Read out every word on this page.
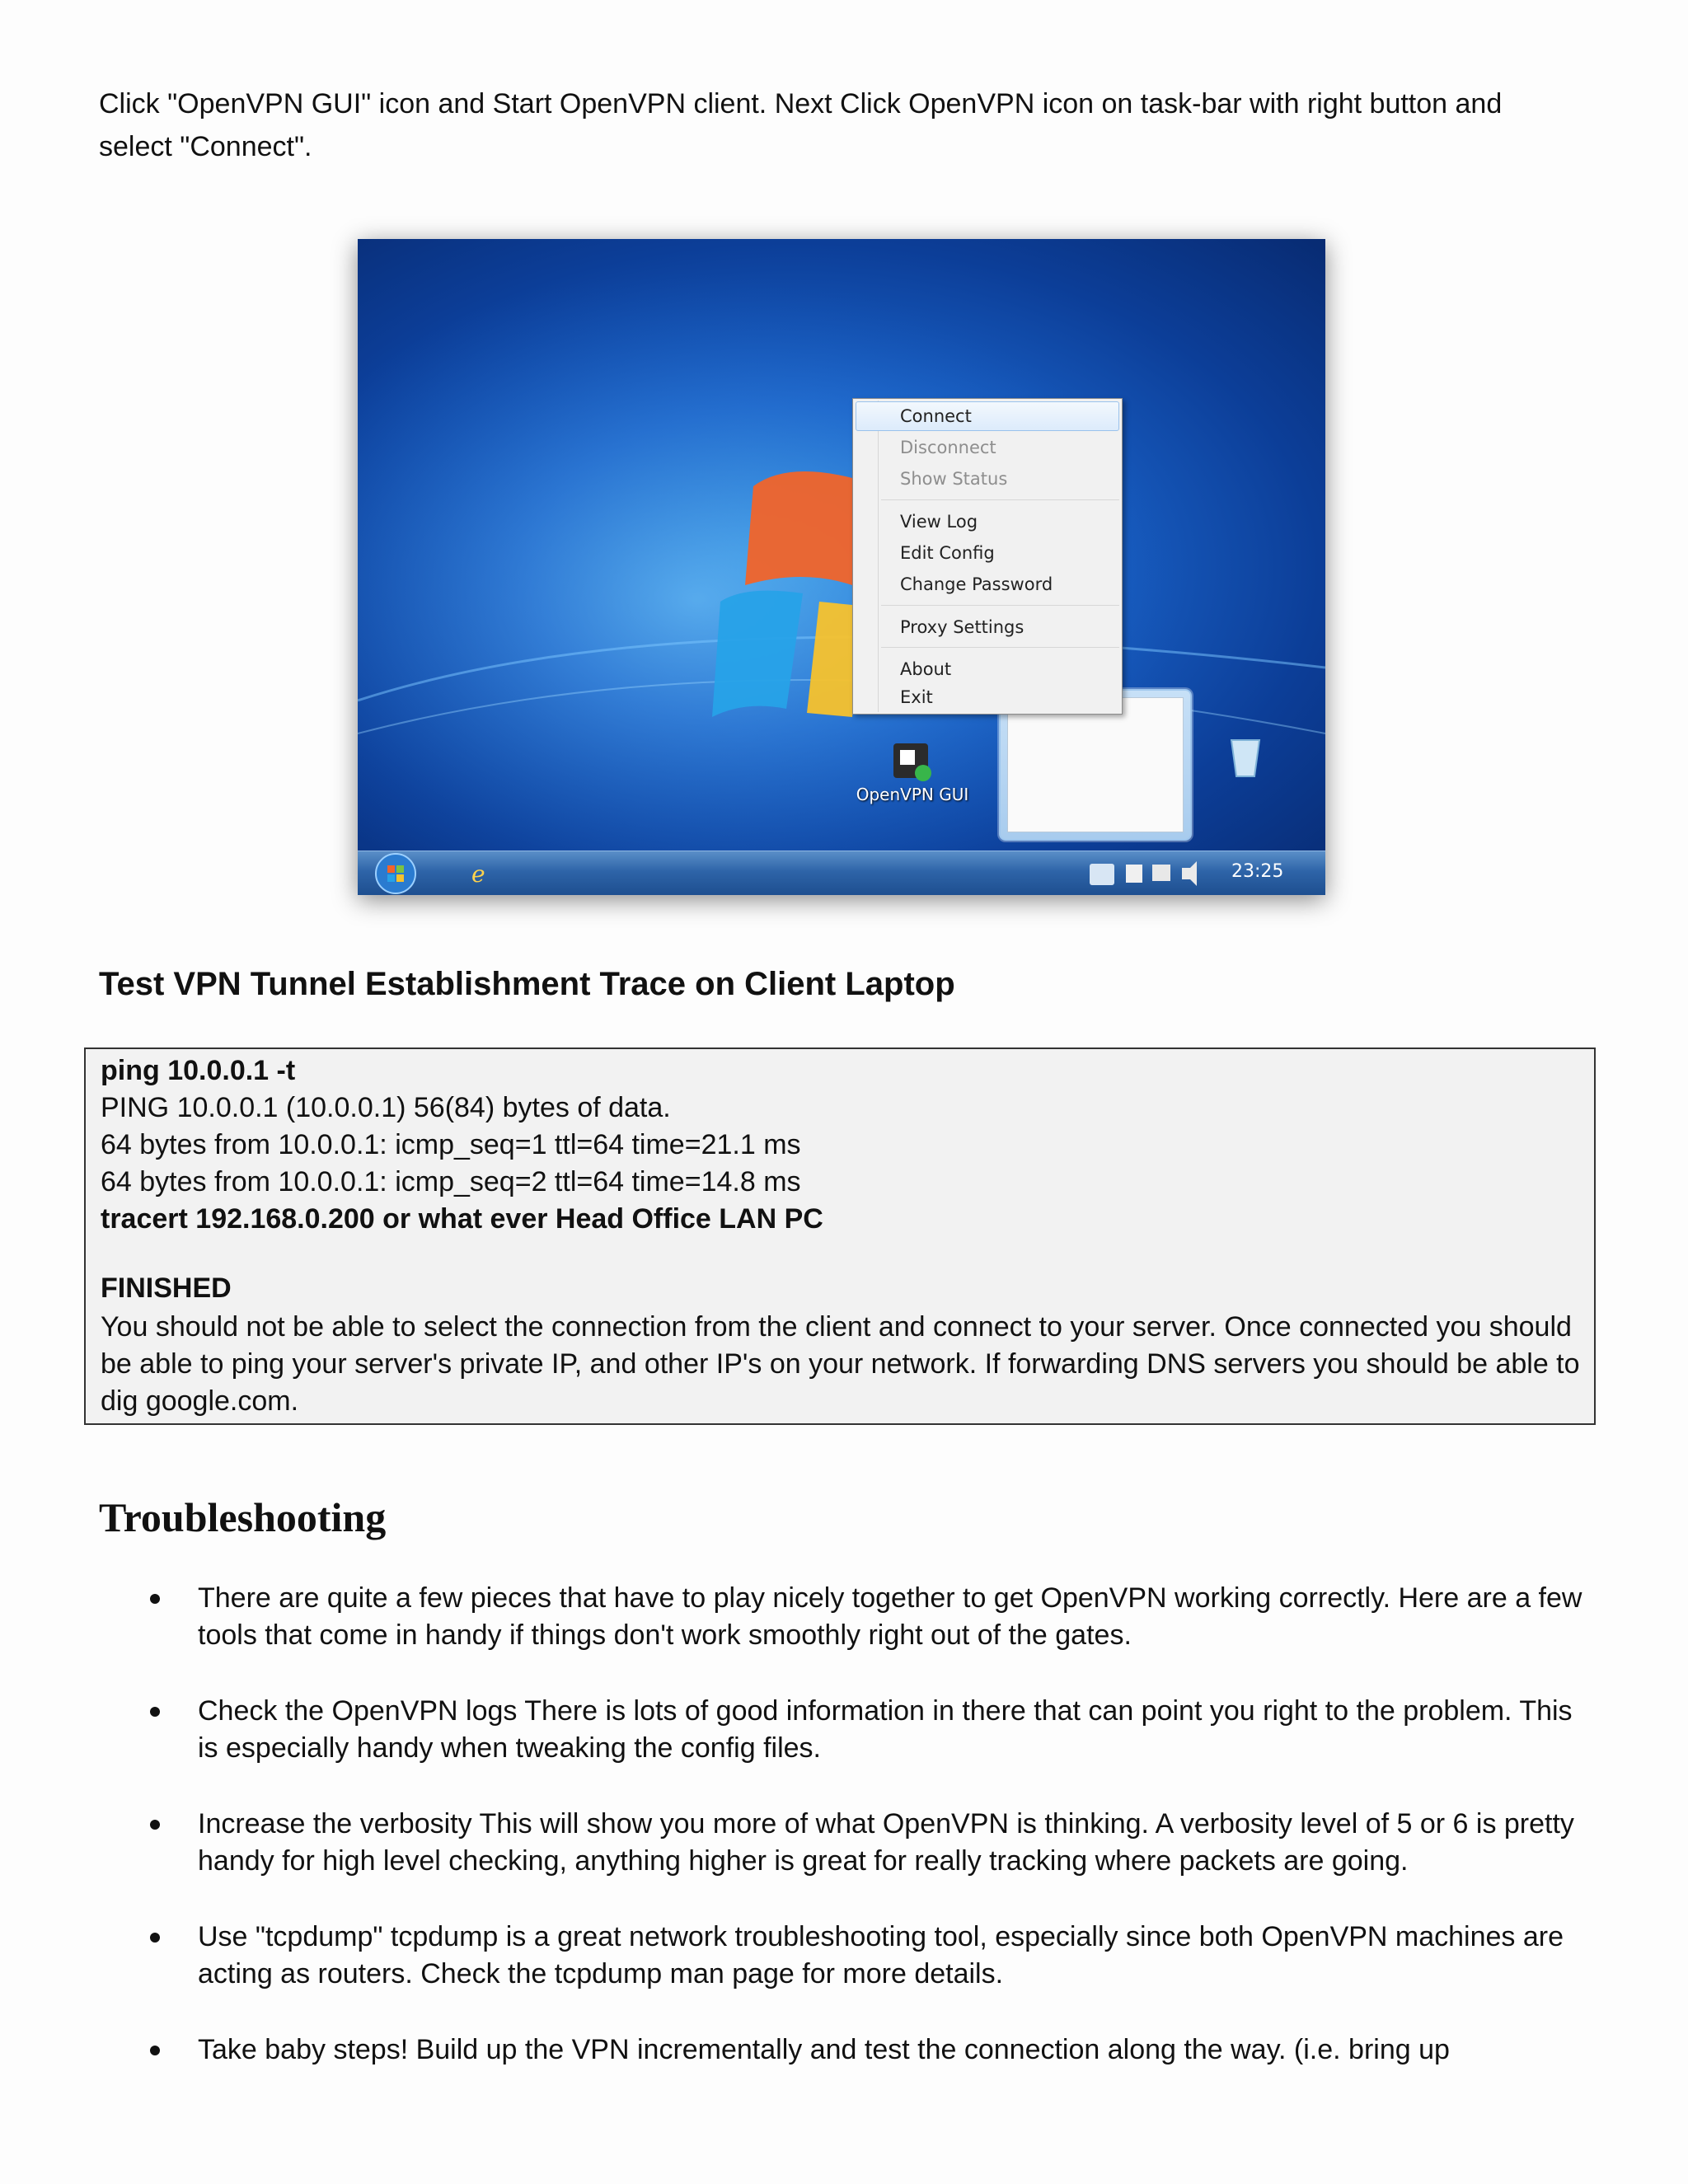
Click "OpenVPN GUI" icon and Start OpenVPN client. Next Click OpenVPN icon on task-bar with right button and select "Connect".
Connect
Disconnect
Show Status
View Log
Edit Config
Change Password
Proxy Settings
About
Exit
OpenVPN GUI
e	23:25
Test VPN Tunnel Establishment Trace on Client Laptop
ping 10.0.0.1 -t
PING 10.0.0.1 (10.0.0.1) 56(84) bytes of data.
64 bytes from 10.0.0.1: icmp_seq=1 ttl=64 time=21.1 ms
64 bytes from 10.0.0.1: icmp_seq=2 ttl=64 time=14.8 ms
tracert 192.168.0.200 or what ever Head Office LAN PC
FINISHED
You should not be able to select the connection from the client and connect to your server. Once connected you should be able to ping your server's private IP, and other IP's on your network. If forwarding DNS servers you should be able to dig google.com.
Troubleshooting
There are quite a few pieces that have to play nicely together to get OpenVPN working correctly. Here are a few tools that come in handy if things don't work smoothly right out of the gates.
Check the OpenVPN logs There is lots of good information in there that can point you right to the problem. This is especially handy when tweaking the config files.
Increase the verbosity This will show you more of what OpenVPN is thinking. A verbosity level of 5 or 6 is pretty handy for high level checking, anything higher is great for really tracking where packets are going.
Use "tcpdump" tcpdump is a great network troubleshooting tool, especially since both OpenVPN machines are acting as routers. Check the tcpdump man page for more details.
Take baby steps! Build up the VPN incrementally and test the connection along the way. (i.e. bring up
